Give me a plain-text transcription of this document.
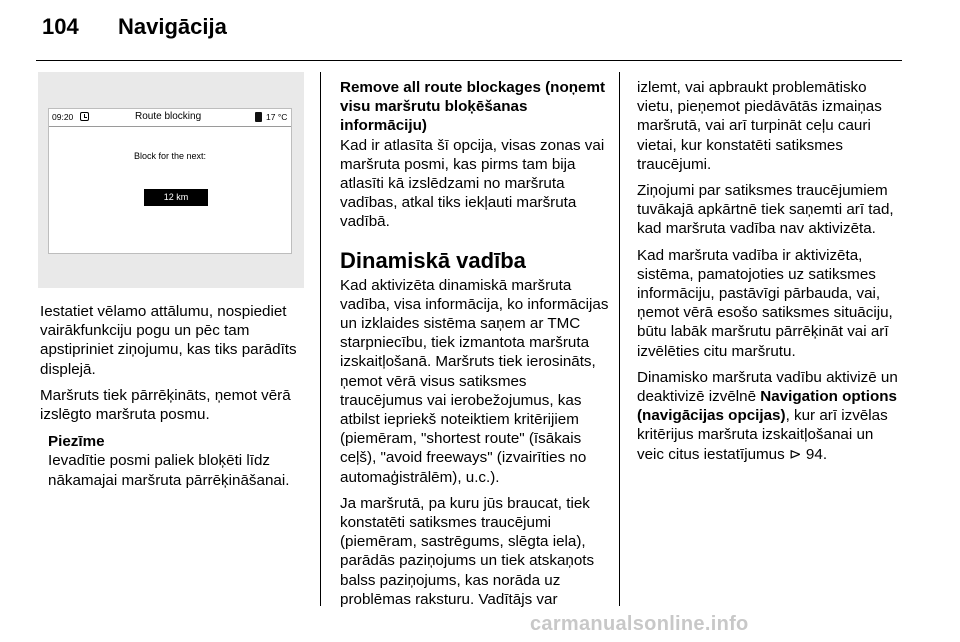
104 Navigācija
09:20	Route blocking	17 °C
Block for the next:
12 km

Iestatiet vēlamo attālumu, nospiediet vairākfunkciju pogu un pēc tam apstipriniet ziņojumu, kas tiks parādīts displejā.

Maršruts tiek pārrēķināts, ņemot vērā izslēgto maršruta posmu.

Piezīme

Ievadītie posmi paliek bloķēti līdz nākamajai maršruta pārrēķināšanai.

Remove all route blockages (noņemt visu maršrutu bloķēšanas informāciju)

Kad ir atlasīta šī opcija, visas zonas vai maršruta posmi, kas pirms tam bija atlasīti kā izslēdzami no maršruta vadības, atkal tiks iekļauti maršruta vadībā.

Dinamiskā vadība

Kad aktivizēta dinamiskā maršruta vadība, visa informācija, ko informācijas un izklaides sistēma saņem ar TMC starpniecību, tiek izmantota maršruta izskaitļošanā. Maršruts tiek ierosināts, ņemot vērā visus satiksmes traucējumus vai ierobežojumus, kas atbilst iepriekš noteiktiem kritērijiem (piemēram, "shortest route" (īsākais ceļš), "avoid freeways" (izvairīties no automaģistrālēm), u.c.).

Ja maršrutā, pa kuru jūs braucat, tiek konstatēti satiksmes traucējumi (piemēram, sastrēgums, slēgta iela), parādās paziņojums un tiek atskaņots balss paziņojums, kas norāda uz problēmas raksturu. Vadītājs var

izlemt, vai apbraukt problemātisko vietu, pieņemot piedāvātās izmaiņas maršrutā, vai arī turpināt ceļu cauri vietai, kur konstatēti satiksmes traucējumi.

Ziņojumi par satiksmes traucējumiem tuvākajā apkārtnē tiek saņemti arī tad, kad maršruta vadība nav aktivizēta.

Kad maršruta vadība ir aktivizēta, sistēma, pamatojoties uz satiksmes informāciju, pastāvīgi pārbauda, vai, ņemot vērā esošo satiksmes situāciju, būtu labāk maršrutu pārrēķināt vai arī izvēlēties citu maršrutu.

Dinamisko maršruta vadību aktivizē un deaktivizē izvēlnē Navigation options (navigācijas opcijas), kur arī izvēlas kritērijus maršruta izskaitļošanai un veic citus iestatījumus ⊳ 94.

carmanualsonline.info
